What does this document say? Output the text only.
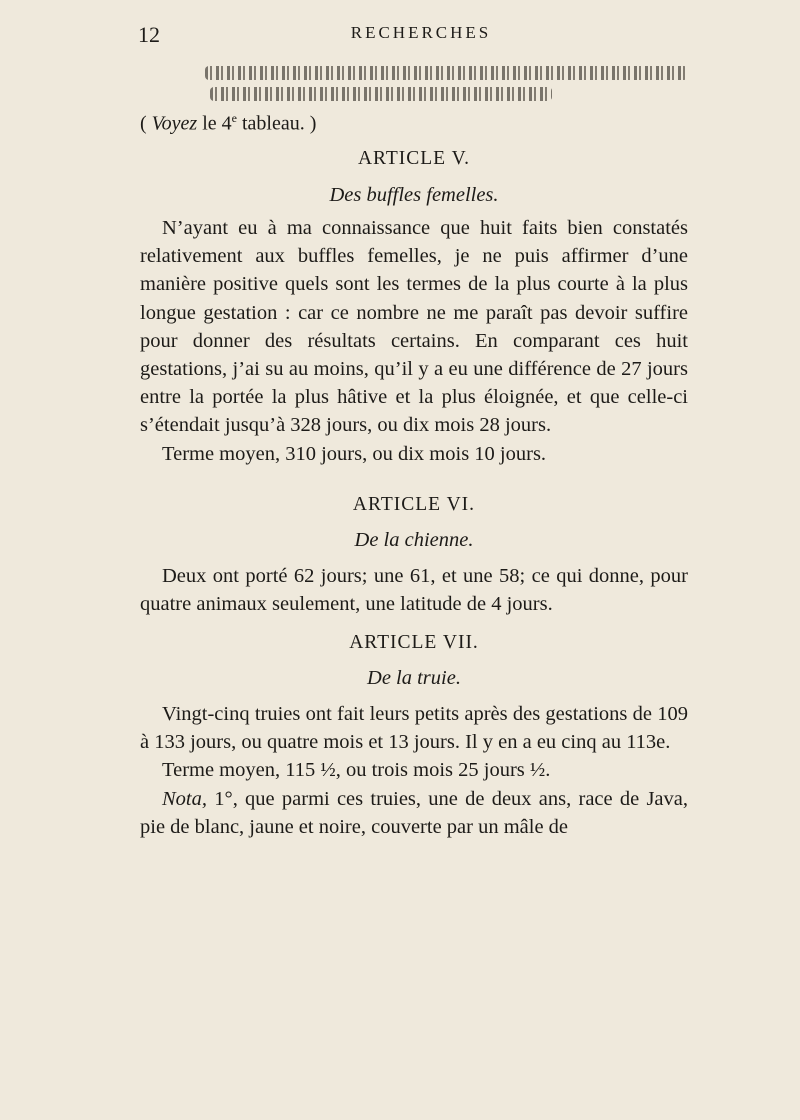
12	RECHERCHES
( Voyez le 4e tableau. )
ARTICLE V.
Des buffles femelles.

N’ayant eu à ma connaissance que huit faits bien constatés relativement aux buffles femelles, je ne puis affirmer d’une manière positive quels sont les termes de la plus courte à la plus longue gestation : car ce nombre ne me paraît pas devoir suffire pour donner des résultats certains. En comparant ces huit gestations, j’ai su au moins, qu’il y a eu une différence de 27 jours entre la portée la plus hâtive et la plus éloignée, et que celle-ci s’étendait jusqu’à 328 jours, ou dix mois 28 jours.

Terme moyen, 310 jours, ou dix mois 10 jours.

ARTICLE VI.
De la chienne.

Deux ont porté 62 jours; une 61, et une 58; ce qui donne, pour quatre animaux seulement, une latitude de 4 jours.

ARTICLE VII.
De la truie.

Vingt-cinq truies ont fait leurs petits après des gestations de 109 à 133 jours, ou quatre mois et 13 jours. Il y en a eu cinq au 113e.

Terme moyen, 115 ½, ou trois mois 25 jours ½.

Nota, 1°, que parmi ces truies, une de deux ans, race de Java, pie de blanc, jaune et noire, couverte par un mâle de
